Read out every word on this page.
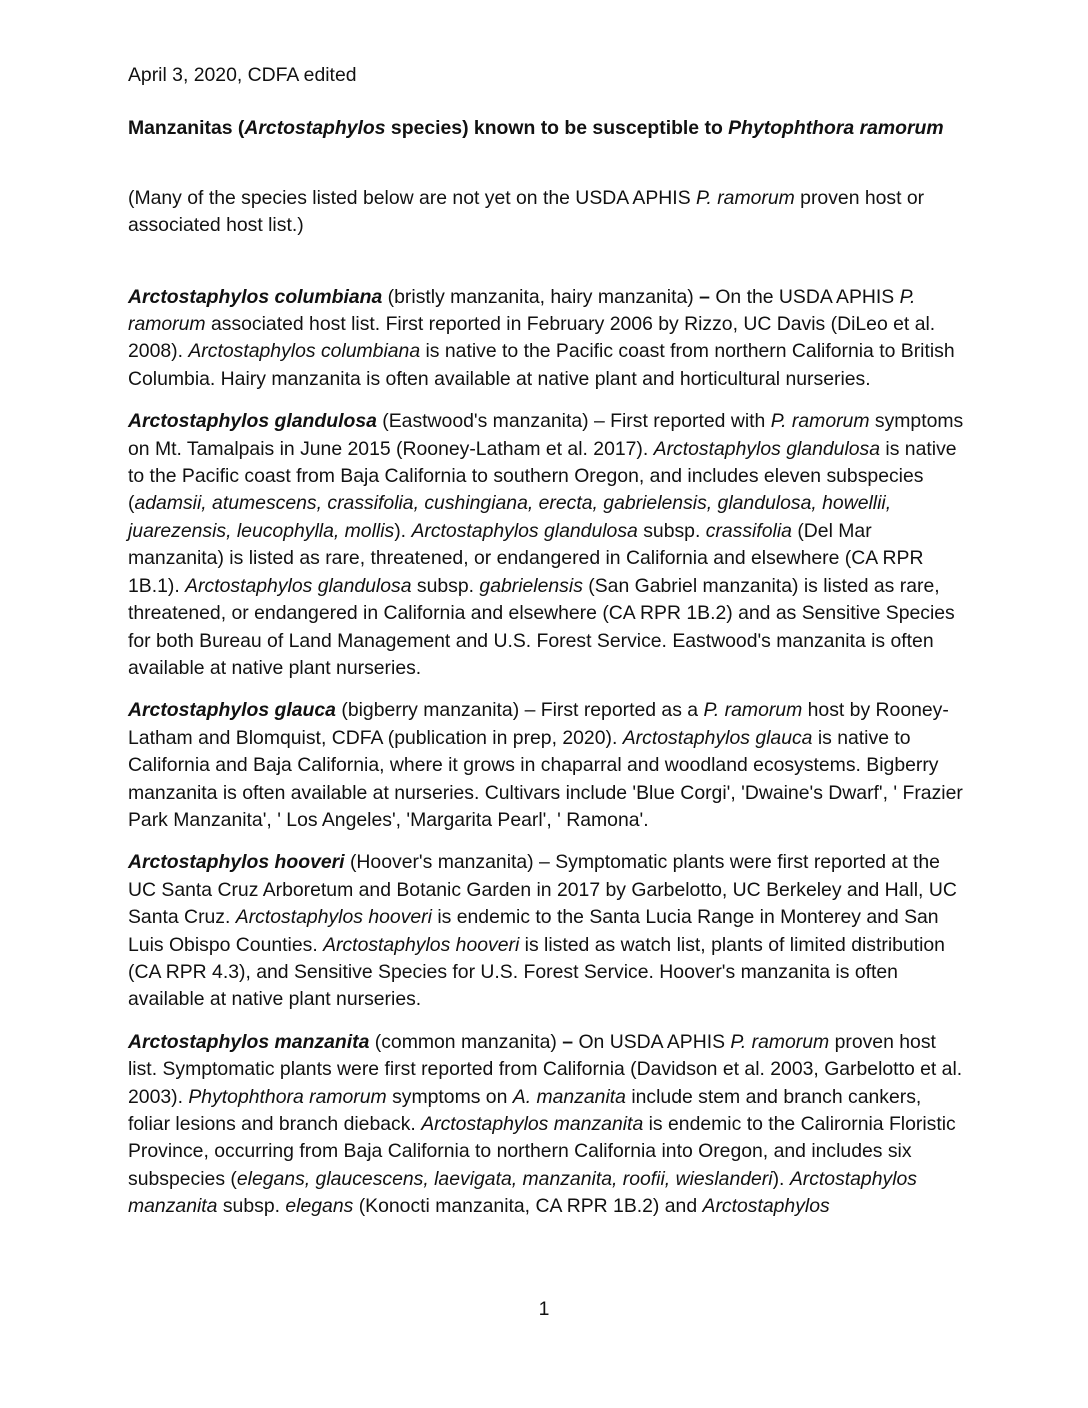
April 3, 2020, CDFA edited

Manzanitas (Arctostaphylos species) known to be susceptible to Phytophthora ramorum

(Many of the species listed below are not yet on the USDA APHIS P. ramorum proven host or associated host list.)

Arctostaphylos columbiana (bristly manzanita, hairy manzanita) – On the USDA APHIS P. ramorum associated host list. First reported in February 2006 by Rizzo, UC Davis (DiLeo et al. 2008). Arctostaphylos columbiana is native to the Pacific coast from northern California to British Columbia. Hairy manzanita is often available at native plant and horticultural nurseries.

Arctostaphylos glandulosa (Eastwood's manzanita) – First reported with P. ramorum symptoms on Mt. Tamalpais in June 2015 (Rooney-Latham et al. 2017). Arctostaphylos glandulosa is native to the Pacific coast from Baja California to southern Oregon, and includes eleven subspecies (adamsii, atumescens, crassifolia, cushingiana, erecta, gabrielensis, glandulosa, howellii, juarezensis, leucophylla, mollis). Arctostaphylos glandulosa subsp. crassifolia (Del Mar manzanita) is listed as rare, threatened, or endangered in California and elsewhere (CA RPR 1B.1). Arctostaphylos glandulosa subsp. gabrielensis (San Gabriel manzanita) is listed as rare, threatened, or endangered in California and elsewhere (CA RPR 1B.2) and as Sensitive Species for both Bureau of Land Management and U.S. Forest Service. Eastwood's manzanita is often available at native plant nurseries.

Arctostaphylos glauca (bigberry manzanita) – First reported as a P. ramorum host by Rooney-Latham and Blomquist, CDFA (publication in prep, 2020). Arctostaphylos glauca is native to California and Baja California, where it grows in chaparral and woodland ecosystems. Bigberry manzanita is often available at nurseries. Cultivars include 'Blue Corgi', 'Dwaine's Dwarf', ' Frazier Park Manzanita', ' Los Angeles', 'Margarita Pearl', ' Ramona'.

Arctostaphylos hooveri (Hoover's manzanita) – Symptomatic plants were first reported at the UC Santa Cruz Arboretum and Botanic Garden in 2017 by Garbelotto, UC Berkeley and Hall, UC Santa Cruz. Arctostaphylos hooveri is endemic to the Santa Lucia Range in Monterey and San Luis Obispo Counties. Arctostaphylos hooveri is listed as watch list, plants of limited distribution (CA RPR 4.3), and Sensitive Species for U.S. Forest Service. Hoover's manzanita is often available at native plant nurseries.

Arctostaphylos manzanita (common manzanita) – On USDA APHIS P. ramorum proven host list. Symptomatic plants were first reported from California (Davidson et al. 2003, Garbelotto et al. 2003). Phytophthora ramorum symptoms on A. manzanita include stem and branch cankers, foliar lesions and branch dieback. Arctostaphylos manzanita is endemic to the Calirornia Floristic Province, occurring from Baja California to northern California into Oregon, and includes six subspecies (elegans, glaucescens, laevigata, manzanita, roofii, wieslanderi). Arctostaphylos manzanita subsp. elegans (Konocti manzanita, CA RPR 1B.2) and Arctostaphylos

1
